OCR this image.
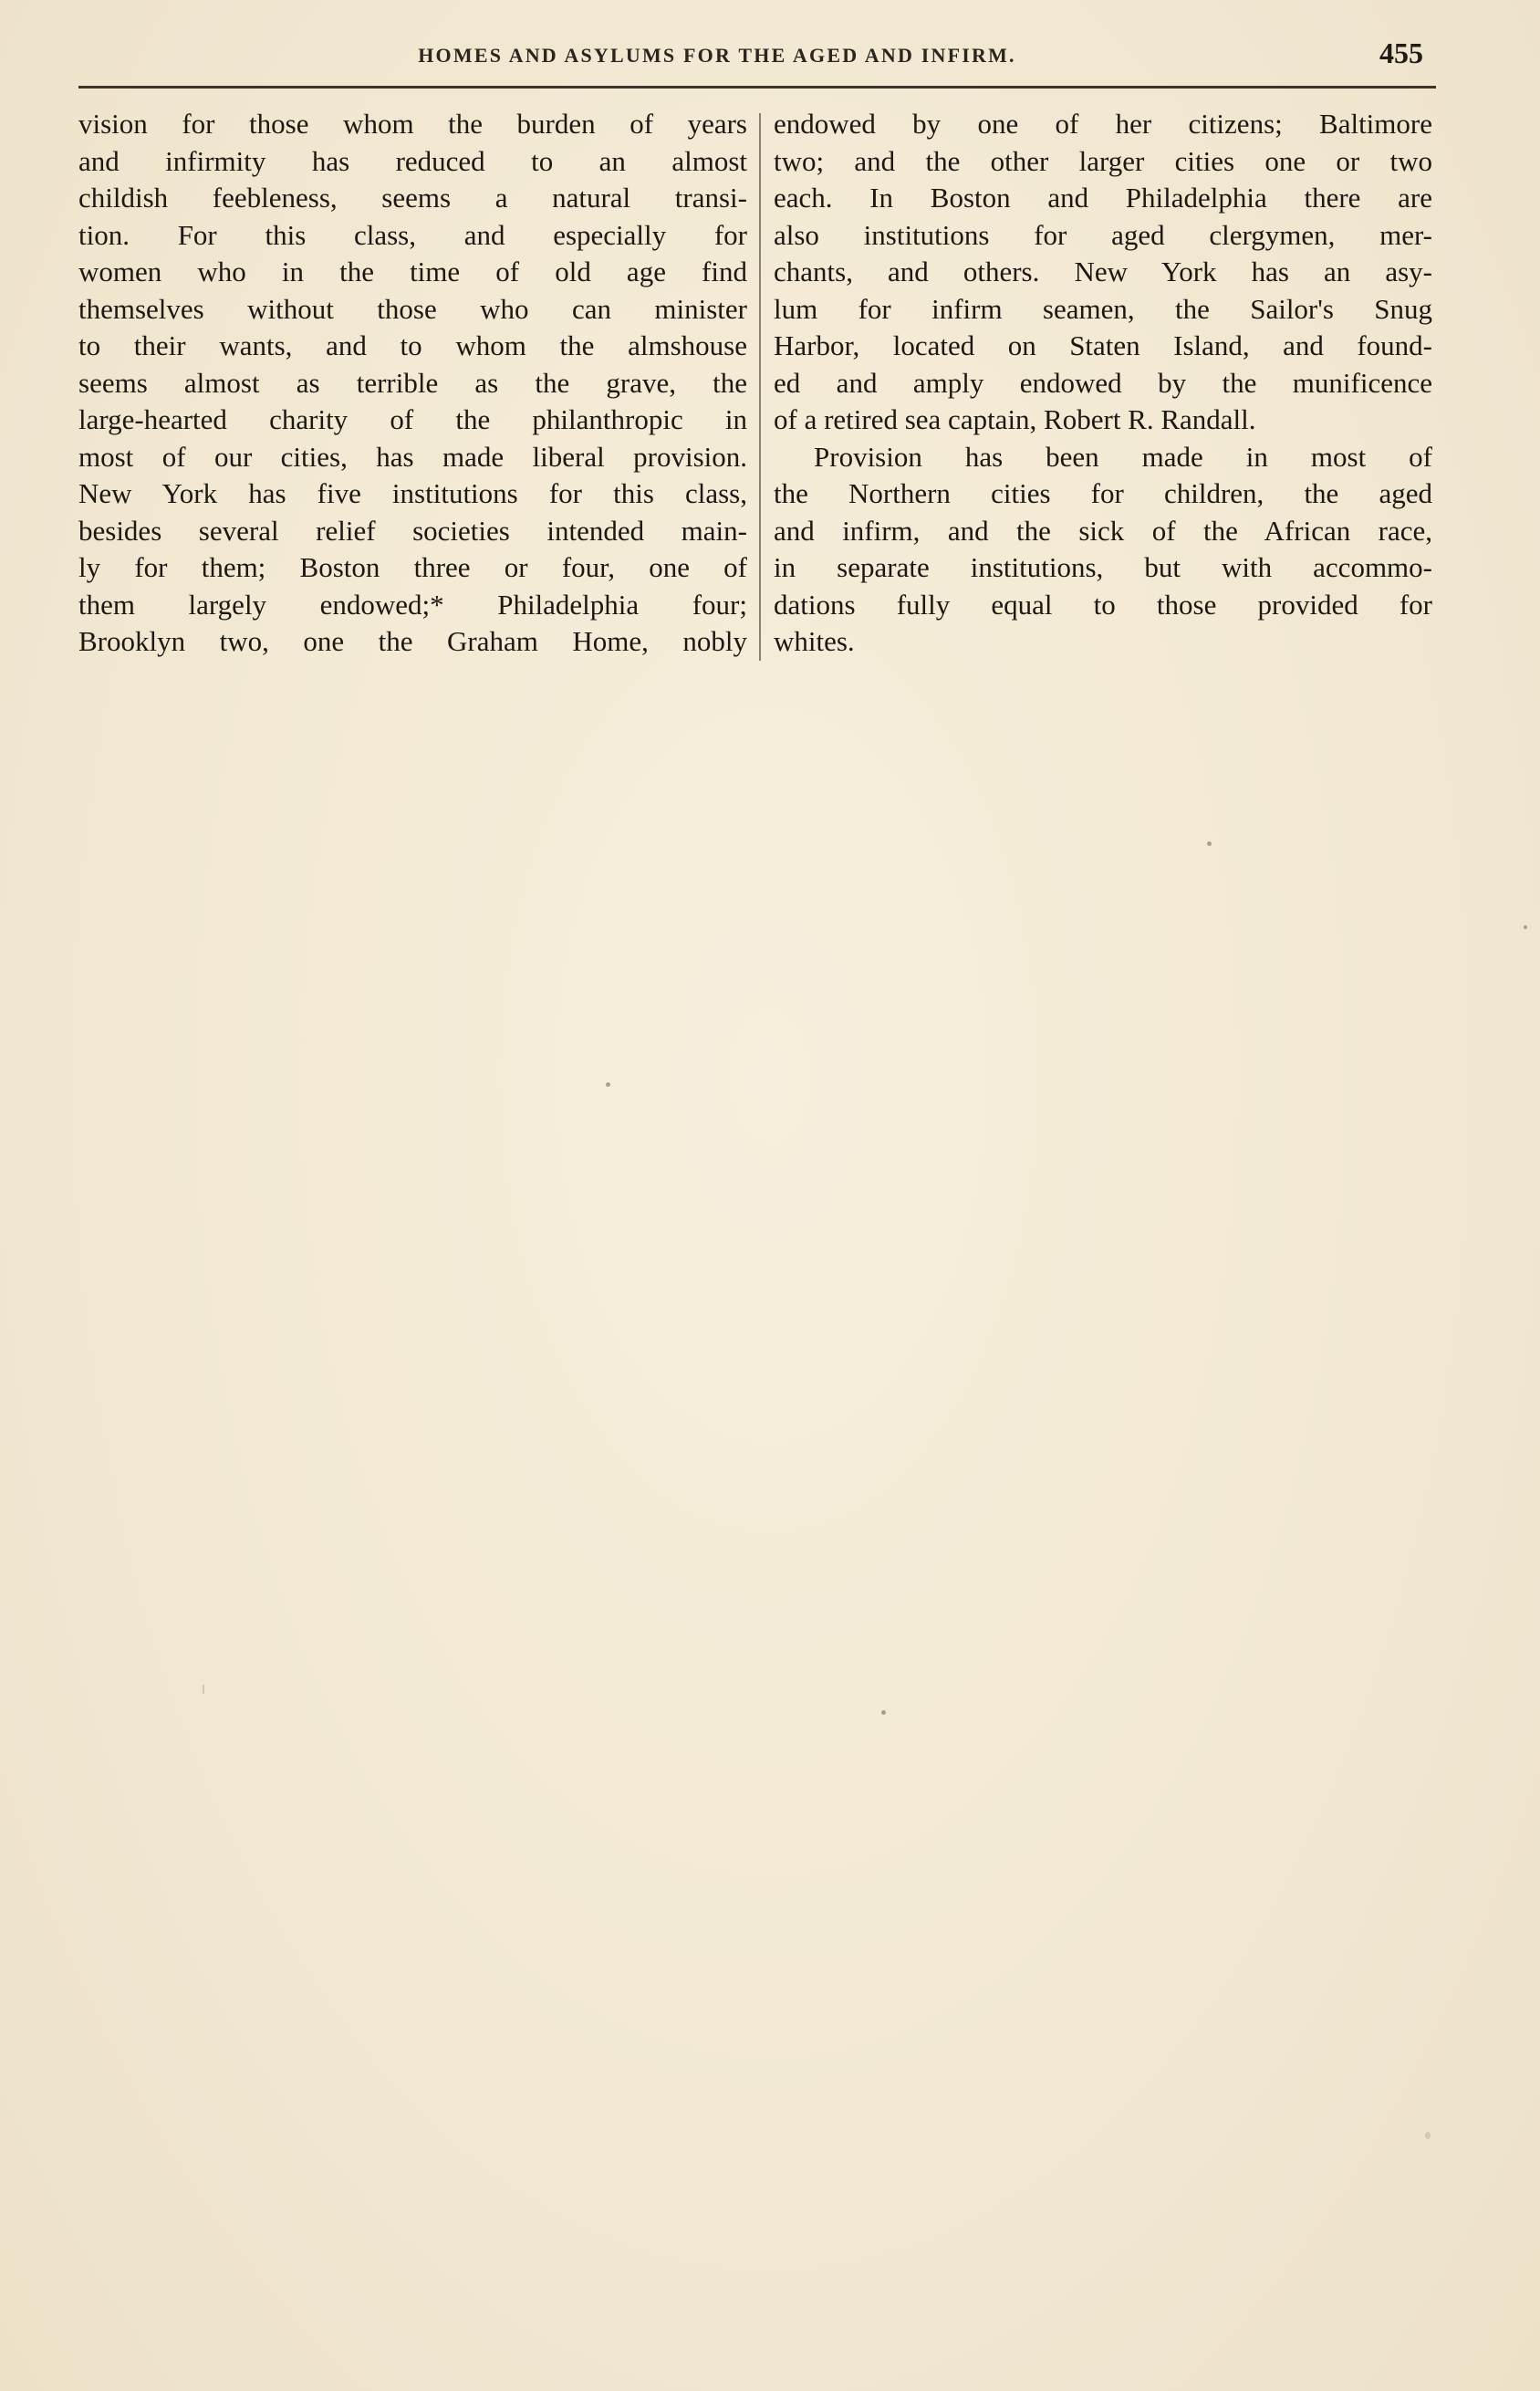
HOMES AND ASYLUMS FOR THE AGED AND INFIRM.	455
vision for those whom the burden of years
and infirmity has reduced to an almost
childish feebleness, seems a natural transi-
tion. For this class, and especially for
women who in the time of old age find
themselves without those who can minister
to their wants, and to whom the almshouse
seems almost as terrible as the grave, the
large-hearted charity of the philanthropic in
most of our cities, has made liberal provision.
New York has five institutions for this class,
besides several relief societies intended main-
ly for them; Boston three or four, one of
them largely endowed;* Philadelphia four;
Brooklyn two, one the Graham Home, nobly
endowed by one of her citizens; Baltimore
two; and the other larger cities one or two
each. In Boston and Philadelphia there are
also institutions for aged clergymen, mer-
chants, and others. New York has an asy-
lum for infirm seamen, the Sailor's Snug
Harbor, located on Staten Island, and found-
ed and amply endowed by the munificence
of a retired sea captain, Robert R. Randall.
Provision has been made in most of
the Northern cities for children, the aged
and infirm, and the sick of the African race,
in separate institutions, but with accommo-
dations fully equal to those provided for
whites.
